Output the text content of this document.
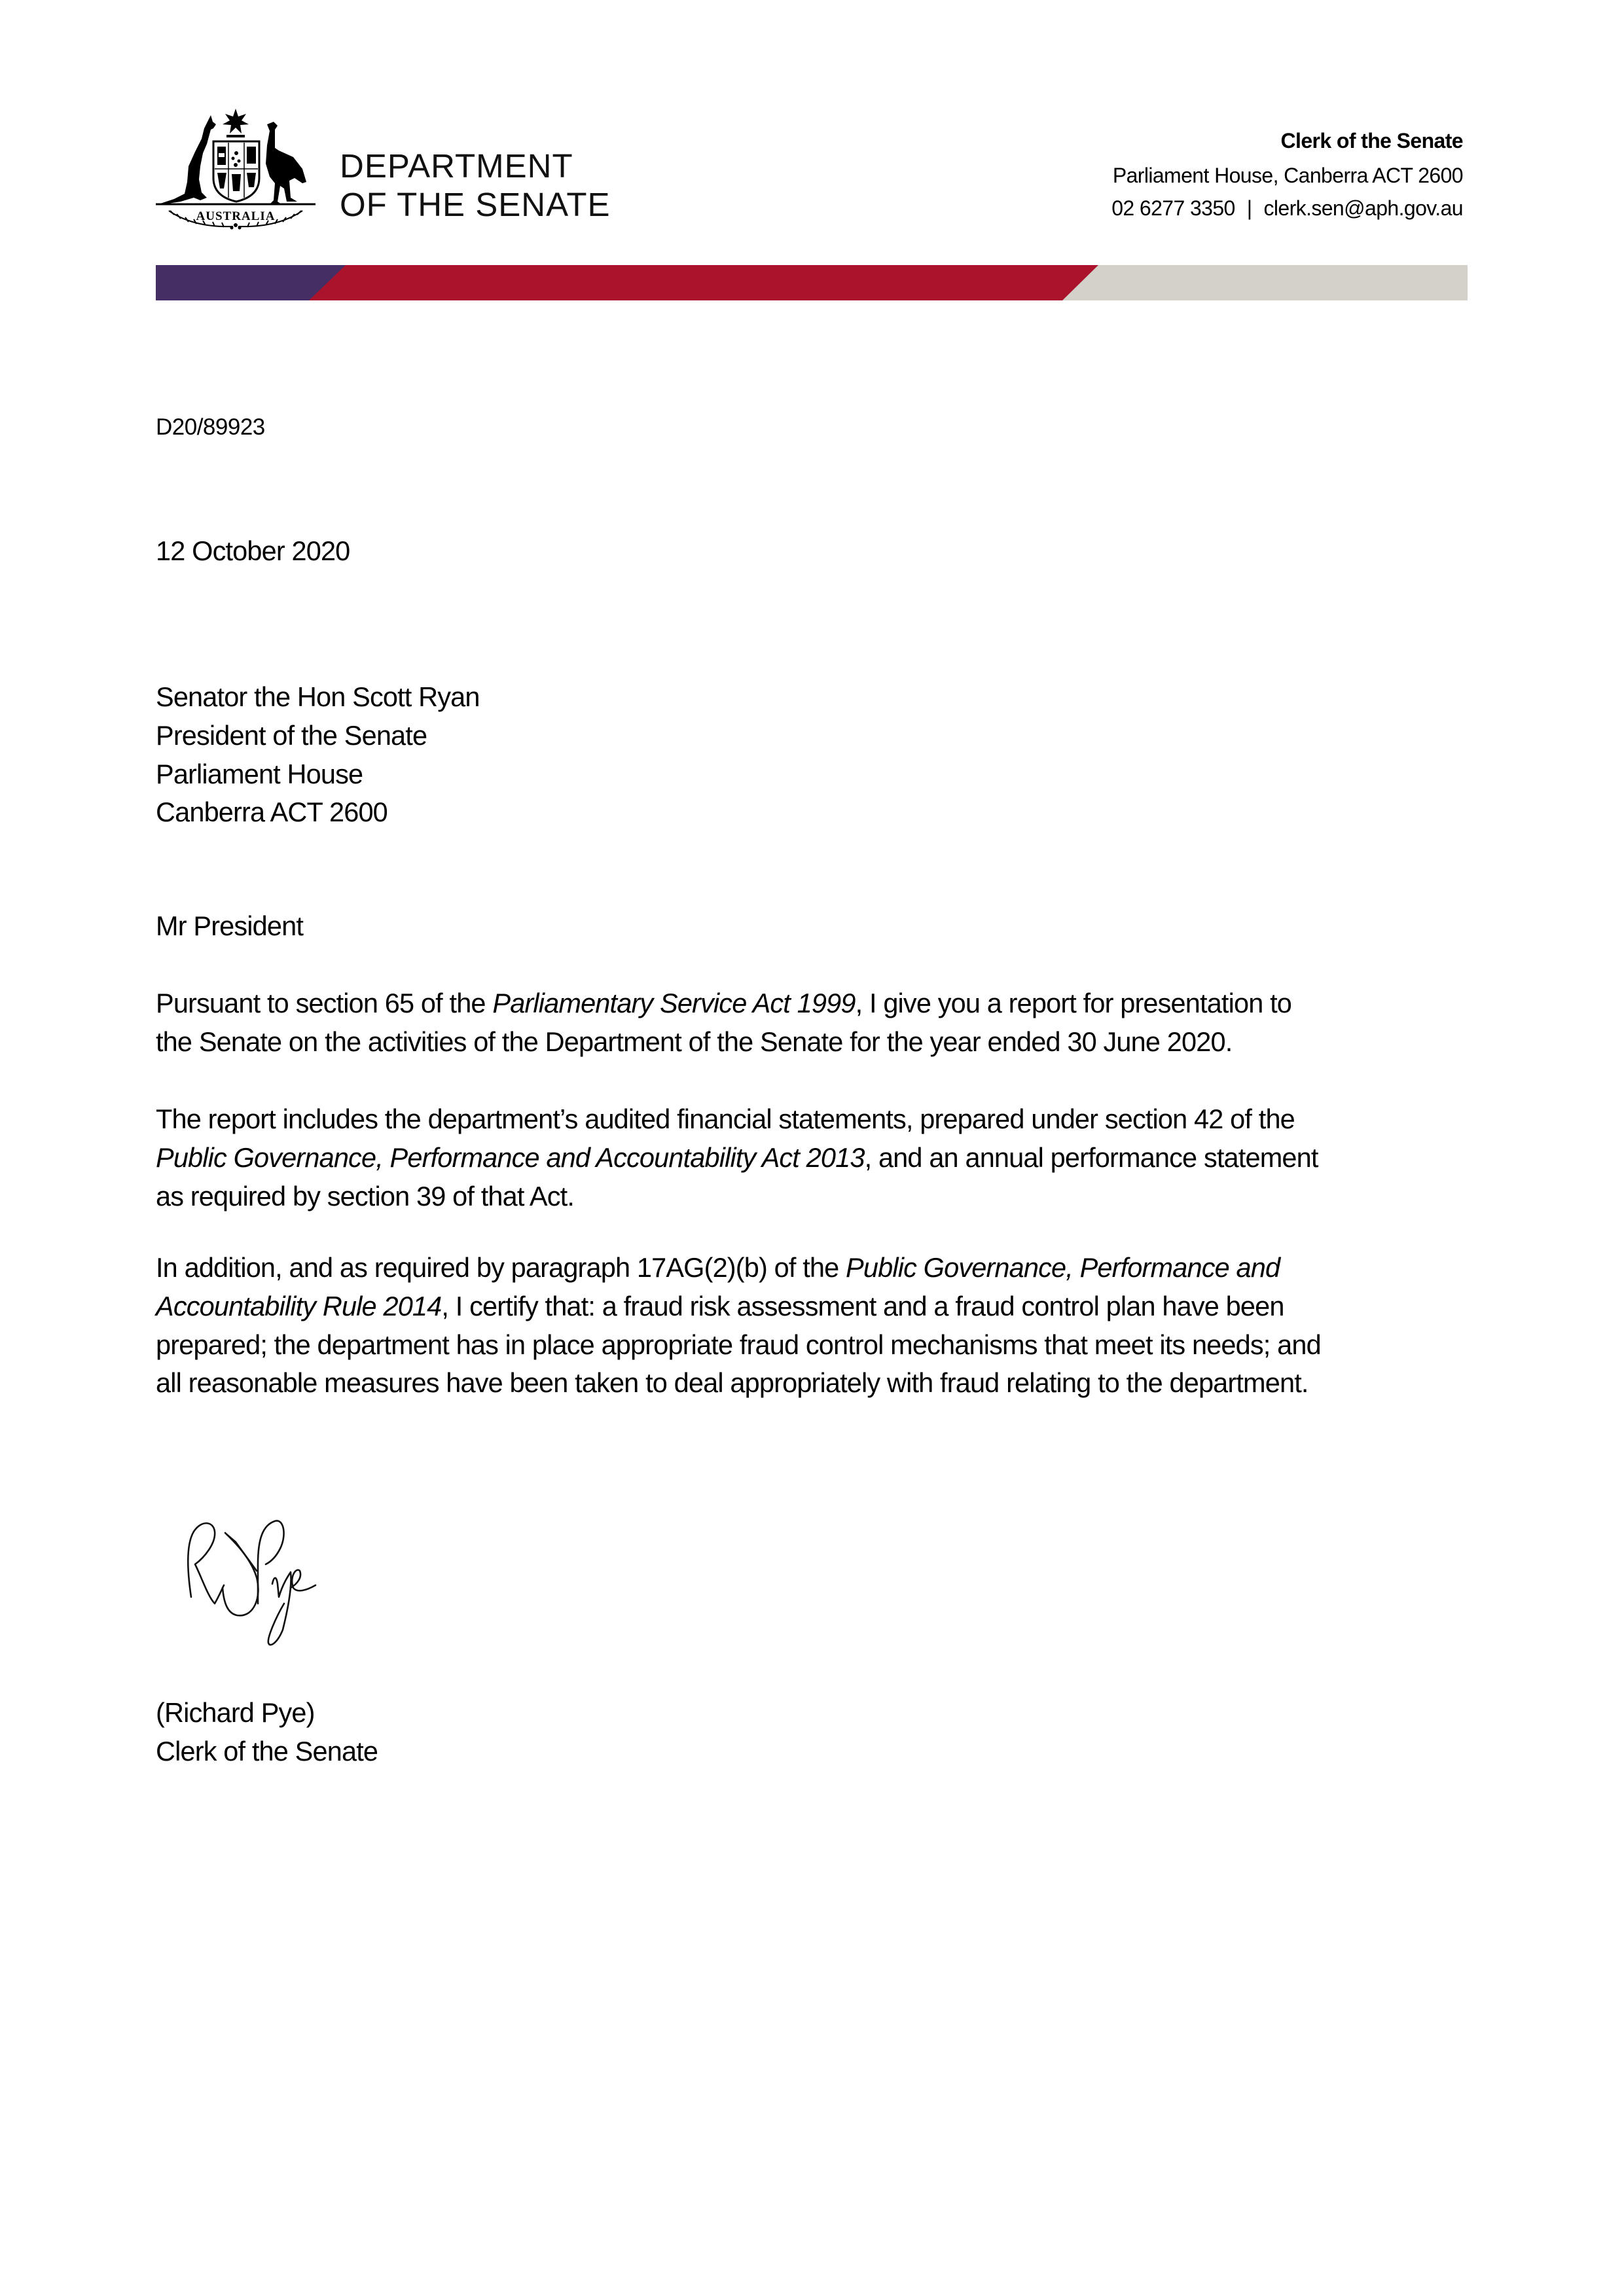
AUSTRALIA
DEPARTMENT
OF THE SENATE
Clerk of the Senate
Parliament House, Canberra ACT 2600
02 6277 3350 | clerk.sen@aph.gov.au
D20/89923
12 October 2020
Senator the Hon Scott Ryan
President of the Senate
Parliament House
Canberra ACT 2600
Mr President
Pursuant to section 65 of the Parliamentary Service Act 1999, I give you a report for presentation to
the Senate on the activities of the Department of the Senate for the year ended 30 June 2020.
The report includes the department’s audited financial statements, prepared under section 42 of the
Public Governance, Performance and Accountability Act 2013, and an annual performance statement
as required by section 39 of that Act.
In addition, and as required by paragraph 17AG(2)(b) of the Public Governance, Performance and
Accountability Rule 2014, I certify that: a fraud risk assessment and a fraud control plan have been
prepared; the department has in place appropriate fraud control mechanisms that meet its needs; and
all reasonable measures have been taken to deal appropriately with fraud relating to the department.
(Richard Pye)
Clerk of the Senate
